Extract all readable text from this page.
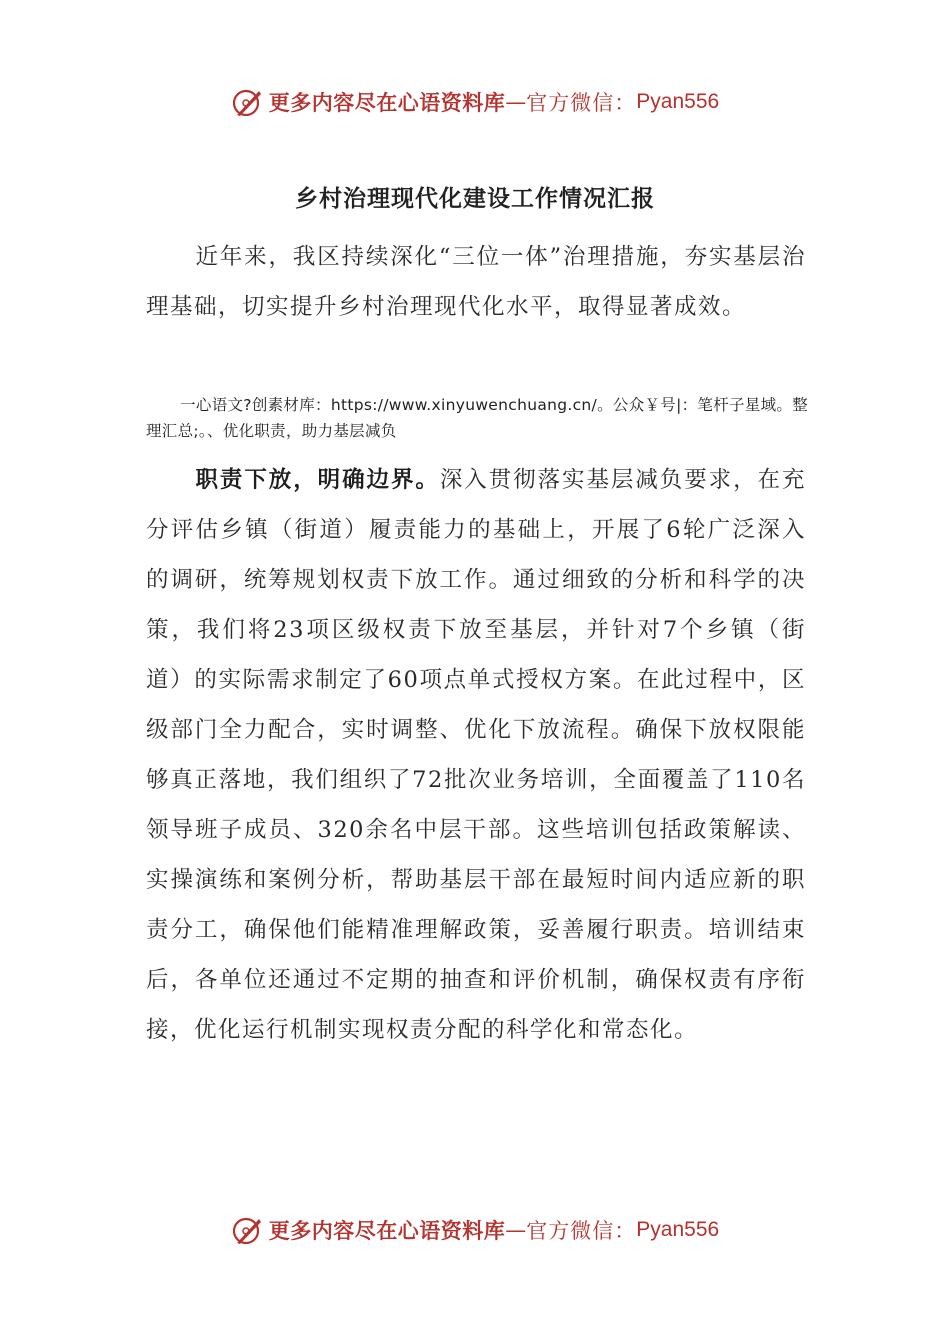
更多内容尽在心语资料库 — 官方微信： Pyan556
乡村治理现代化建设工作情况汇报

近年来，我区持续深化“三位一体”治理措施，夯实基层治理基础，切实提升乡村治理现代化水平，取得显著成效。

一心语文?创素材库：https://www.xinyuwenchuang.cn/。公众￥号|：笔杆子星域。整理汇总;。、优化职责，助力基层减负

职责下放，明确边界。深入贯彻落实基层减负要求，在充分评估乡镇（街道）履责能力的基础上，开展了6轮广泛深入的调研，统筹规划权责下放工作。通过细致的分析和科学的决策，我们将23项区级权责下放至基层，并针对7个乡镇（街道）的实际需求制定了60项点单式授权方案。在此过程中，区级部门全力配合，实时调整、优化下放流程。确保下放权限能够真正落地，我们组织了72批次业务培训，全面覆盖了110名领导班子成员、320余名中层干部。这些培训包括政策解读、实操演练和案例分析，帮助基层干部在最短时间内适应新的职责分工，确保他们能精准理解政策，妥善履行职责。培训结束后，各单位还通过不定期的抽查和评价机制，确保权责有序衔接，优化运行机制实现权责分配的科学化和常态化。

更多内容尽在心语资料库 — 官方微信： Pyan556
